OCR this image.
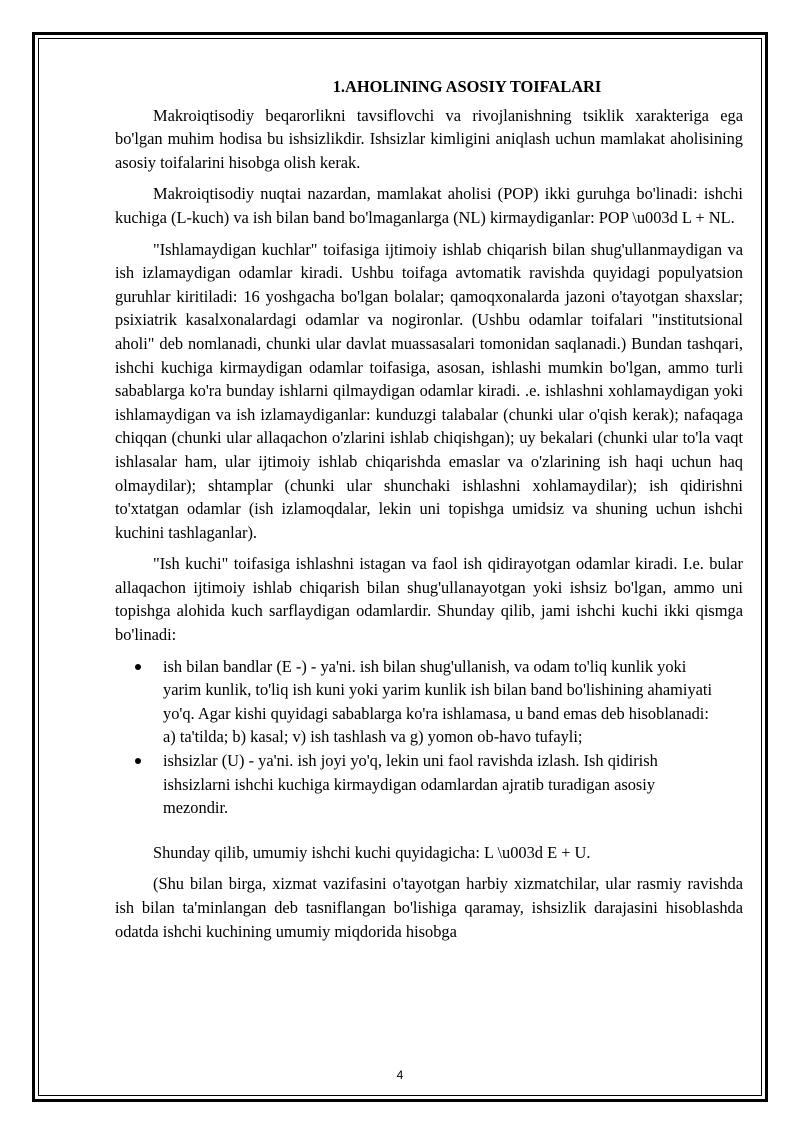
1.AHOLINING ASOSIY TOIFALARI

Makroiqtisodiy beqarorlikni tavsiflovchi va rivojlanishning tsiklik xarakteriga ega bo'lgan muhim hodisa bu ishsizlikdir. Ishsizlar kimligini aniqlash uchun mamlakat aholisining asosiy toifalarini hisobga olish kerak.

Makroiqtisodiy nuqtai nazardan, mamlakat aholisi (POP) ikki guruhga bo'linadi: ishchi kuchiga (L-kuch) va ish bilan band bo'lmaganlarga (NL) kirmaydiganlar: POP \u003d L + NL.

"Ishlamaydigan kuchlar" toifasiga ijtimoiy ishlab chiqarish bilan shug'ullanmaydigan va ish izlamaydigan odamlar kiradi. Ushbu toifaga avtomatik ravishda quyidagi populyatsion guruhlar kiritiladi: 16 yoshgacha bo'lgan bolalar; qamoqxonalarda jazoni o'tayotgan shaxslar; psixiatrik kasalxonalardagi odamlar va nogironlar. (Ushbu odamlar toifalari "institutsional aholi" deb nomlanadi, chunki ular davlat muassasalari tomonidan saqlanadi.) Bundan tashqari, ishchi kuchiga kirmaydigan odamlar toifasiga, asosan, ishlashi mumkin bo'lgan, ammo turli sabablarga ko'ra bunday ishlarni qilmaydigan odamlar kiradi. .e. ishlashni xohlamaydigan yoki ishlamaydigan va ish izlamaydiganlar: kunduzgi talabalar (chunki ular o'qish kerak); nafaqaga chiqqan (chunki ular allaqachon o'zlarini ishlab chiqishgan); uy bekalari (chunki ular to'la vaqt ishlasalar ham, ular ijtimoiy ishlab chiqarishda emaslar va o'zlarining ish haqi uchun haq olmaydilar); shtamplar (chunki ular shunchaki ishlashni xohlamaydilar); ish qidirishni to'xtatgan odamlar (ish izlamoqdalar, lekin uni topishga umidsiz va shuning uchun ishchi kuchini tashlaganlar).

"Ish kuchi" toifasiga ishlashni istagan va faol ish qidirayotgan odamlar kiradi. I.e. bular allaqachon ijtimoiy ishlab chiqarish bilan shug'ullanayotgan yoki ishsiz bo'lgan, ammo uni topishga alohida kuch sarflaydigan odamlardir. Shunday qilib, jami ishchi kuchi ikki qismga bo'linadi:

ish bilan bandlar (E -) - ya'ni. ish bilan shug'ullanish, va odam to'liq kunlik yoki yarim kunlik, to'liq ish kuni yoki yarim kunlik ish bilan band bo'lishining ahamiyati yo'q. Agar kishi quyidagi sabablarga ko'ra ishlamasa, u band emas deb hisoblanadi: a) ta'tilda; b) kasal; v) ish tashlash va g) yomon ob-havo tufayli;
ishsizlar (U) - ya'ni. ish joyi yo'q, lekin uni faol ravishda izlash. Ish qidirish ishsizlarni ishchi kuchiga kirmaydigan odamlardan ajratib turadigan asosiy mezondir.

Shunday qilib, umumiy ishchi kuchi quyidagicha: L \u003d E + U.

(Shu bilan birga, xizmat vazifasini o'tayotgan harbiy xizmatchilar, ular rasmiy ravishda ish bilan ta'minlangan deb tasniflangan bo'lishiga qaramay, ishsizlik darajasini hisoblashda odatda ishchi kuchining umumiy miqdorida hisobga

4
